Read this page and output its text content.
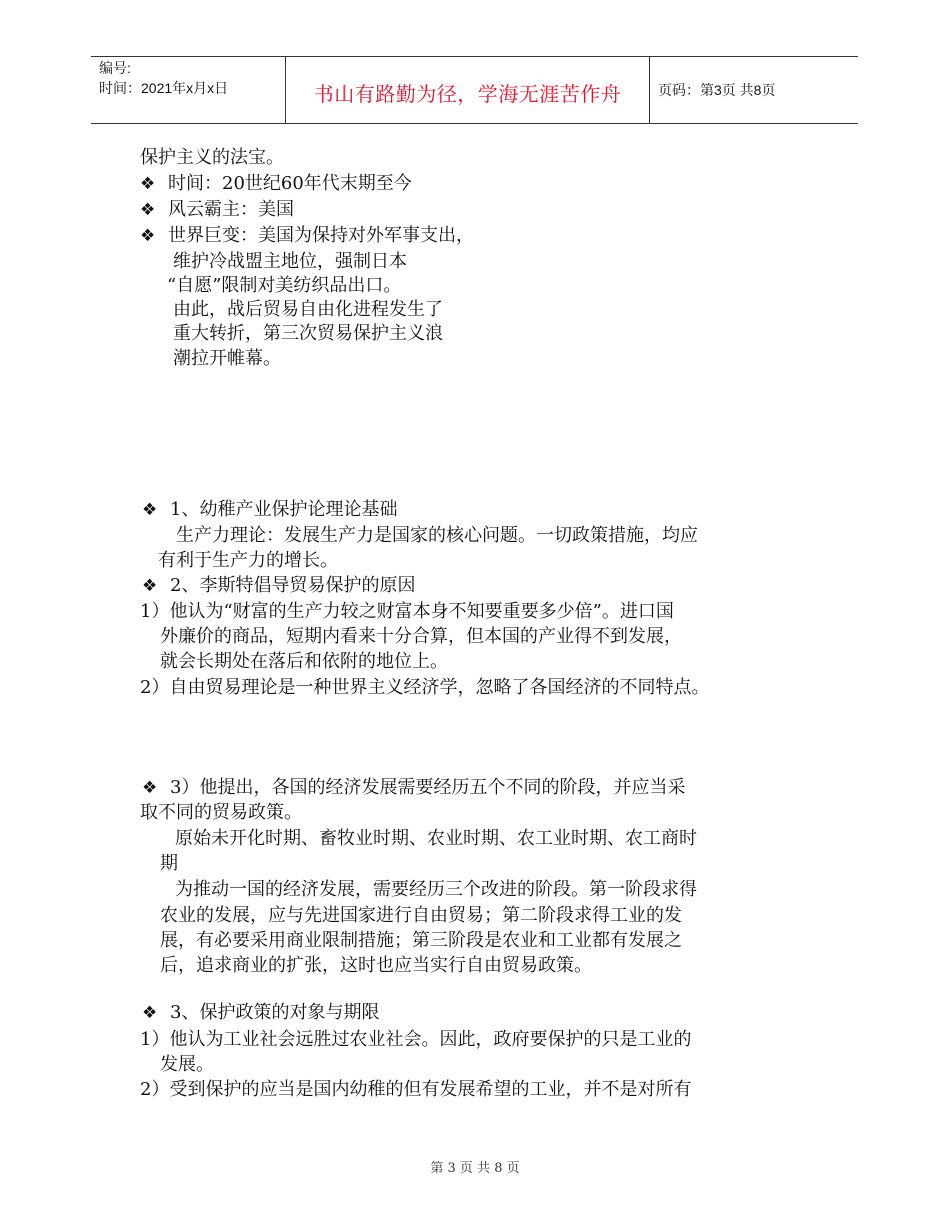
编号:
时间：2021年x月x日	书山有路勤为径，学海无涯苦作舟	页码：第3页 共8页
保护主义的法宝。
❖ 时间：20世纪60年代末期至今
❖ 风云霸主：美国
❖ 世界巨变：美国为保持对外军事支出，
维护冷战盟主地位，强制日本
“自愿”限制对美纺织品出口。
由此，战后贸易自由化进程发生了
重大转折，第三次贸易保护主义浪
潮拉开帷幕。
❖ 1、幼稚产业保护论理论基础
生产力理论：发展生产力是国家的核心问题。一切政策措施，均应
有利于生产力的增长。
❖ 2、李斯特倡导贸易保护的原因
1）他认为“财富的生产力较之财富本身不知要重要多少倍”。进口国
外廉价的商品，短期内看来十分合算，但本国的产业得不到发展，
就会长期处在落后和依附的地位上。
2）自由贸易理论是一种世界主义经济学，忽略了各国经济的不同特点。
❖ 3）他提出，各国的经济发展需要经历五个不同的阶段，并应当采
取不同的贸易政策。
原始未开化时期、畜牧业时期、农业时期、农工业时期、农工商时
期
为推动一国的经济发展，需要经历三个改进的阶段。第一阶段求得
农业的发展，应与先进国家进行自由贸易；第二阶段求得工业的发
展，有必要采用商业限制措施；第三阶段是农业和工业都有发展之
后，追求商业的扩张，这时也应当实行自由贸易政策。
❖ 3、保护政策的对象与期限
1）他认为工业社会远胜过农业社会。因此，政府要保护的只是工业的
发展。
2）受到保护的应当是国内幼稚的但有发展希望的工业，并不是对所有
第 3 页 共 8 页
